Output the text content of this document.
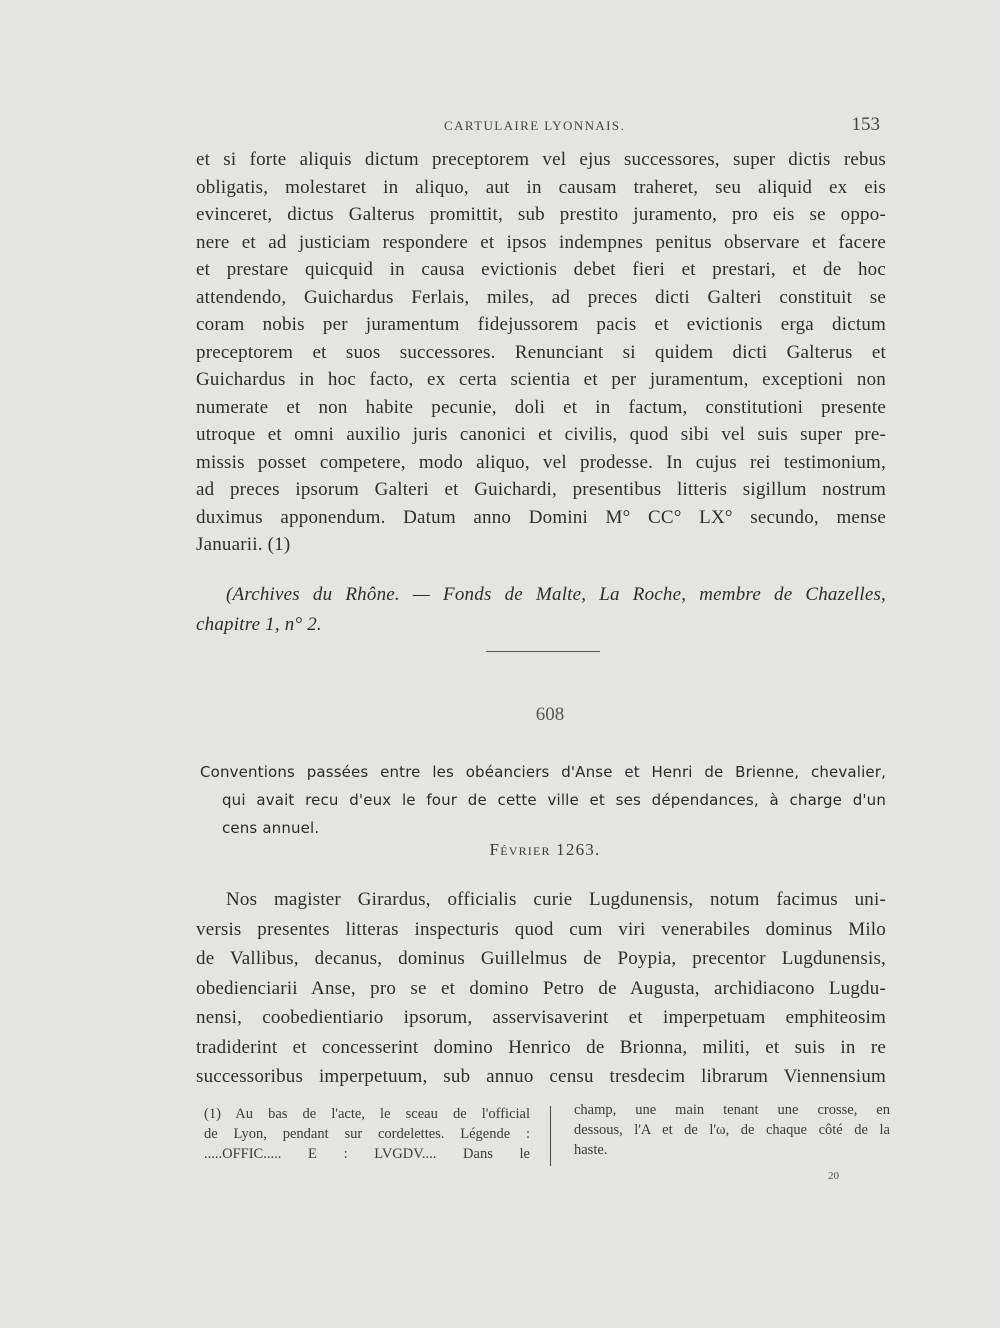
CARTULAIRE LYONNAIS.	153
et si forte aliquis dictum preceptorem vel ejus successores, super dictis rebus
obligatis, molestaret in aliquo, aut in causam traheret, seu aliquid ex eis
evinceret, dictus Galterus promittit, sub prestito juramento, pro eis se oppo-
nere et ad justiciam respondere et ipsos indempnes penitus observare et facere
et prestare quicquid in causa evictionis debet fieri et prestari, et de hoc
attendendo, Guichardus Ferlais, miles, ad preces dicti Galteri constituit se
coram nobis per juramentum fidejussorem pacis et evictionis erga dictum
preceptorem et suos successores. Renunciant si quidem dicti Galterus et
Guichardus in hoc facto, ex certa scientia et per juramentum, exceptioni non
numerate et non habite pecunie, doli et in factum, constitutioni presente
utroque et omni auxilio juris canonici et civilis, quod sibi vel suis super pre-
missis posset competere, modo aliquo, vel prodesse. In cujus rei testimonium,
ad preces ipsorum Galteri et Guichardi, presentibus litteris sigillum nostrum
duximus apponendum. Datum anno Domini M° CC° LX° secundo, mense
Januarii. (1)
(Archives du Rhône. — Fonds de Malte, La Roche, membre de Chazelles,
chapitre 1, n° 2.
608
Conventions passées entre les obéanciers d'Anse et Henri de Brienne, chevalier,
qui avait recu d'eux le four de cette ville et ses dépendances, à charge d'un
cens annuel.
Février 1263.
Nos magister Girardus, officialis curie Lugdunensis, notum facimus uni-
versis presentes litteras inspecturis quod cum viri venerabiles dominus Milo
de Vallibus, decanus, dominus Guillelmus de Poypia, precentor Lugdunensis,
obedienciarii Anse, pro se et domino Petro de Augusta, archidiacono Lugdu-
nensi, coobedientiario ipsorum, asservisaverint et imperpetuam emphiteosim
tradiderint et concesserint domino Henrico de Brionna, militi, et suis in re
successoribus imperpetuum, sub annuo censu tresdecim librarum Viennensium
(1) Au bas de l'acte, le sceau de l'official
de Lyon, pendant sur cordelettes. Légende :
.....OFFIC..... E : LVGDV.... Dans le
champ, une main tenant une crosse, en
dessous, l'A et de l'ω, de chaque côté de la
haste.
20
